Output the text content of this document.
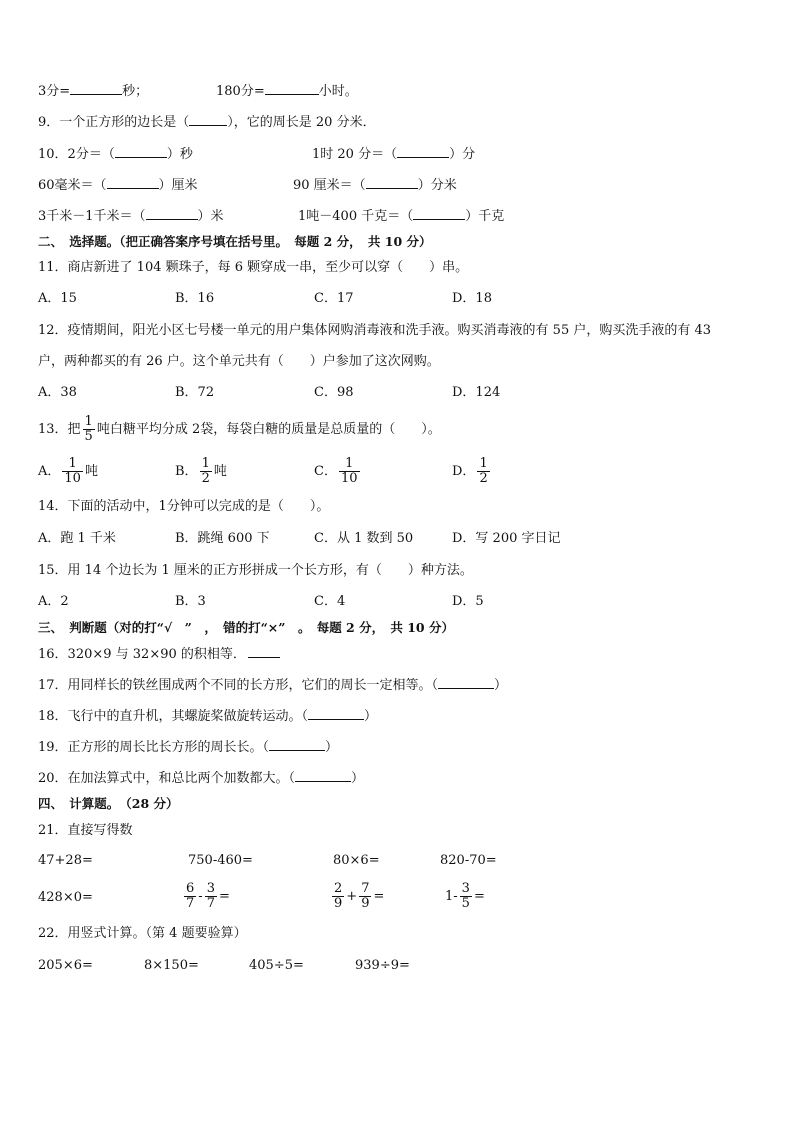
3分=	秒；	180分=	小时。
9．一个正方形的边长是（	），它的周长是 20 分米．
10．2分＝（	）秒	1时 20 分＝（	）分
60毫米＝（	）厘米	90 厘米＝（	）分米
3千米－1千米＝（	）米	1吨－400 千克＝（	）千克
二、　选择题。（把正确答案序号填在括号里。　每题 2 分，　共 10 分）
11．商店新进了 104 颗珠子，每 6 颗穿成一串，至少可以穿（　　）串。
A．15	B．16	C．17	D．18
12．疫情期间，阳光小区七号楼一单元的用户集体网购消毒液和洗手液。购买消毒液的有 55 户，购买洗手液的有 43
户，两种都买的有 26 户。这个单元共有（　　）户参加了这次网购。
A．38	B．72	C．98	D．124
13．把 $\frac{1}{5}$ 吨白糖平均分成 2袋，每袋白糖的质量是总质量的（　　）。
A． $\frac{1}{10}$ 吨	B． $\frac{1}{2}$ 吨	C． $\frac{1}{10}$	D． $\frac{1}{2}$
14．下面的活动中，1分钟可以完成的是（　　）。
A．跑 1 千米	B．跳绳 600 下	C．从 1 数到 50	D．写 200 字日记
15．用 14 个边长为 1 厘米的正方形拼成一个长方形，有（　　）种方法。
A．2	B．3	C．4	D．5
三、　判断题（对的打“√　”　，　错的打“×”　。　每题 2 分，　共 10 分）
16．320×9 与 32×90 的积相等．
17．用同样长的铁丝围成两个不同的长方形，它们的周长一定相等。（	）
18．飞行中的直升机，其螺旋桨做旋转运动。（	）
19．正方形的周长比长方形的周长长。（	）
20．在加法算式中，和总比两个加数都大。（	）
四、　计算题。　（28 分）
21．直接写得数
47+28=	750-460=	80×6=	820-70=
428×0=	$\frac{6}{7} - \frac{3}{7}$ =	$\frac{2}{9} + \frac{7}{9}$ =	$1- \frac{3}{5}$ =
22．用竖式计算。（第 4 题要验算）
205×6=	8×150=	405÷5=	939÷9=
